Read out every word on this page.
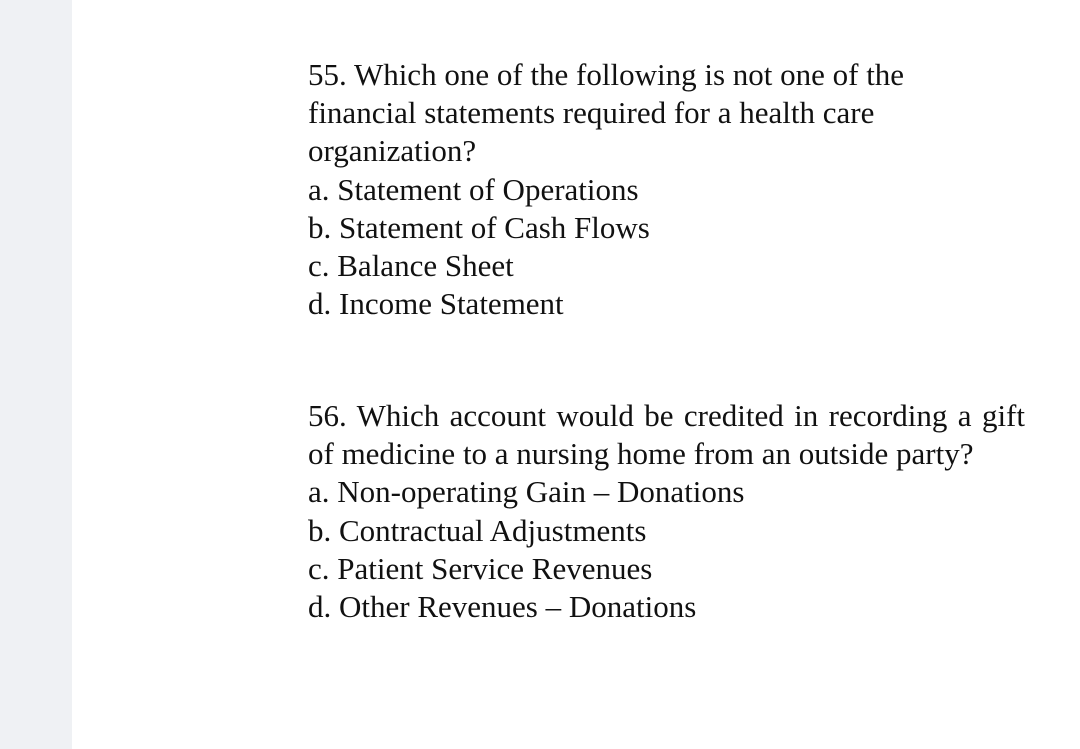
55. Which one of the following is not one of the financial statements required for a health care organization?

a. Statement of Operations
b. Statement of Cash Flows
c. Balance Sheet
d. Income Statement

56. Which account would be credited in recording a gift of medicine to a nursing home from an outside party?

a. Non-operating Gain – Donations
b. Contractual Adjustments
c. Patient Service Revenues
d. Other Revenues – Donations
